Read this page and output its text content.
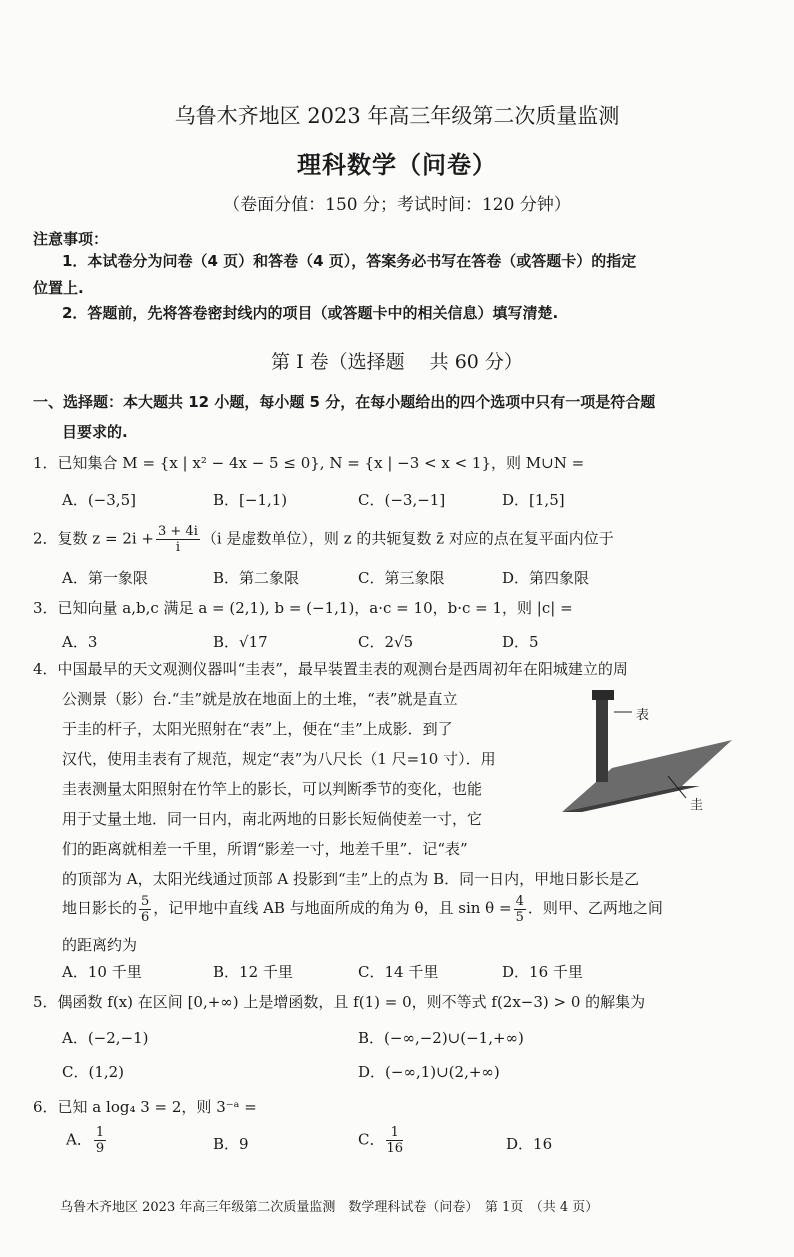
乌鲁木齐地区 2023 年高三年级第二次质量监测
理科数学（问卷）
（卷面分值：150 分；考试时间：120 分钟）
注意事项：
1．本试卷分为问卷（4 页）和答卷（4 页），答案务必书写在答卷（或答题卡）的指定
位置上.
2．答题前，先将答卷密封线内的项目（或答题卡中的相关信息）填写清楚.
第 I 卷（选择题　 共 60 分）
一、选择题：本大题共 12 小题，每小题 5 分，在每小题给出的四个选项中只有一项是符合题
目要求的.
1．已知集合 M = {x | x² − 4x − 5 ≤ 0}, N = {x | −3 < x < 1}，则 M∪N =
A．(−3,5]	B．[−1,1)	C．(−3,−1]	D．[1,5]
2．复数 $z = 2i + \frac{3 + 4i}{i} (i$ 是虚数单位），则 z 的共轭复数 z̄ 对应的点在复平面内位于
A．第一象限	B．第二象限	C．第三象限	D．第四象限
3．已知向量 a,b,c 满足 a = (2,1), b = (−1,1)，a·c = 10，b·c = 1，则 |c| =
A．3	B．√17	C．2√5	D．5
4．中国最早的天文观测仪器叫“圭表”，最早装置圭表的观测台是西周初年在阳城建立的周
公测景（影）台.“圭”就是放在地面上的土堆，“表”就是直立
于圭的杆子，太阳光照射在“表”上，便在“圭”上成影．到了
汉代，使用圭表有了规范，规定“表”为八尺长（1 尺=10 寸）．用
圭表测量太阳照射在竹竿上的影长，可以判断季节的变化，也能
用于丈量土地．同一日内，南北两地的日影长短倘使差一寸，它
们的距离就相差一千里，所谓“影差一寸，地差千里”．记“表”
的顶部为 A，太阳光线通过顶部 A 投影到“圭”上的点为 B．同一日内，甲地日影长是乙
地日影长的 $\frac{5}{6}$ ，记甲地中直线 AB 与地面所成的角为 θ，且 $\sin \theta = \frac{4}{5}$ ．则甲、乙两地之间
的距离约为
表
圭
A．10 千里	B．12 千里	C．14 千里	D．16 千里
5．偶函数 f(x) 在区间 [0,+∞) 上是增函数，且 f(1) = 0，则不等式 f(2x−3) > 0 的解集为
A．(−2,−1)	B．(−∞,−2)∪(−1,+∞)
C．(1,2)	D．(−∞,1)∪(2,+∞)
6．已知 a log₄ 3 = 2，则 3⁻ᵃ =
A． $\frac{1}{9}$	B．9	C． $\frac{1}{16}$	D．16
乌鲁木齐地区 2023 年高三年级第二次质量监测　数学理科试卷（问卷）　第 1页　（共 4 页）
